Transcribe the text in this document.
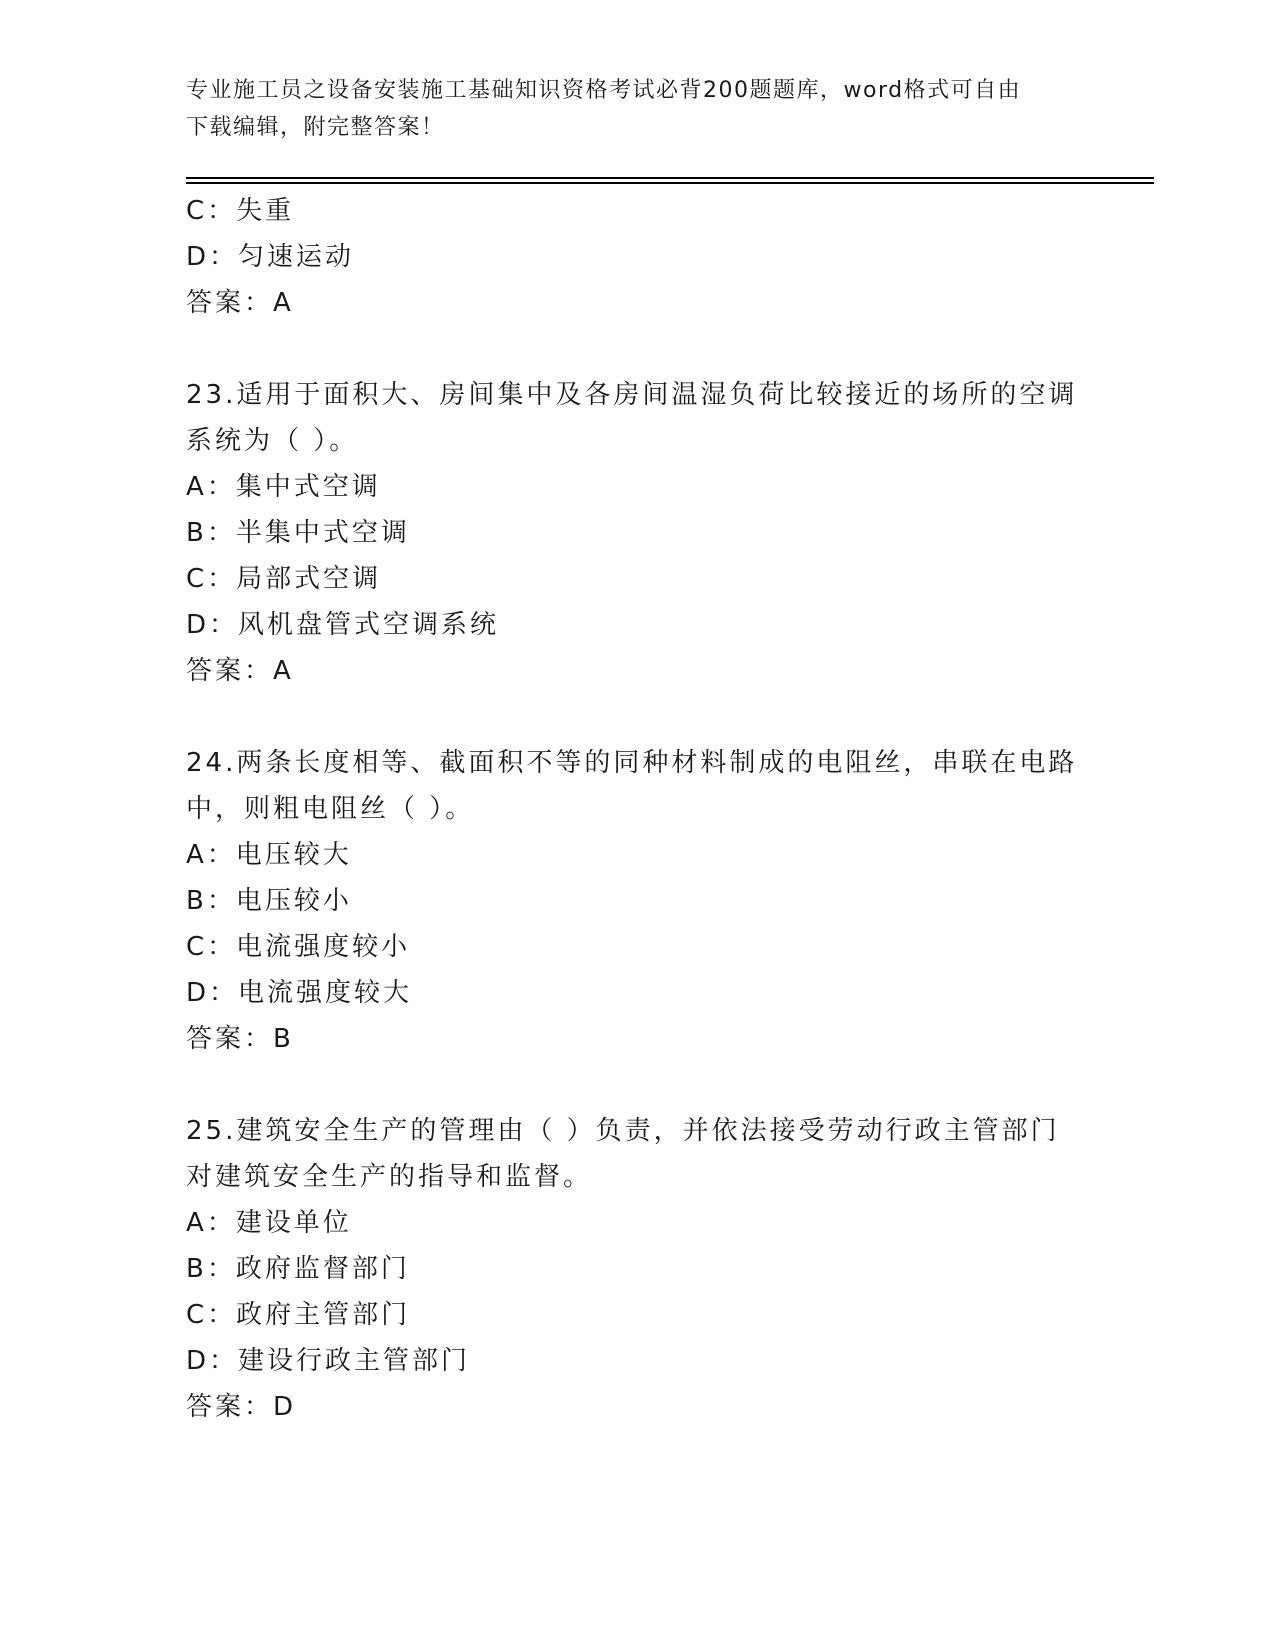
专业施工员之设备安装施工基础知识资格考试必背200题题库，word格式可自由
下载编辑，附完整答案！
C：失重
D：匀速运动
答案：A
23.适用于面积大、房间集中及各房间温湿负荷比较接近的场所的空调
系统为（ ）。
A：集中式空调
B：半集中式空调
C：局部式空调
D：风机盘管式空调系统
答案：A
24.两条长度相等、截面积不等的同种材料制成的电阻丝，串联在电路
中，则粗电阻丝（ ）。
A：电压较大
B：电压较小
C：电流强度较小
D：电流强度较大
答案：B
25.建筑安全生产的管理由（ ）负责，并依法接受劳动行政主管部门
对建筑安全生产的指导和监督。
A：建设单位
B：政府监督部门
C：政府主管部门
D：建设行政主管部门
答案：D
